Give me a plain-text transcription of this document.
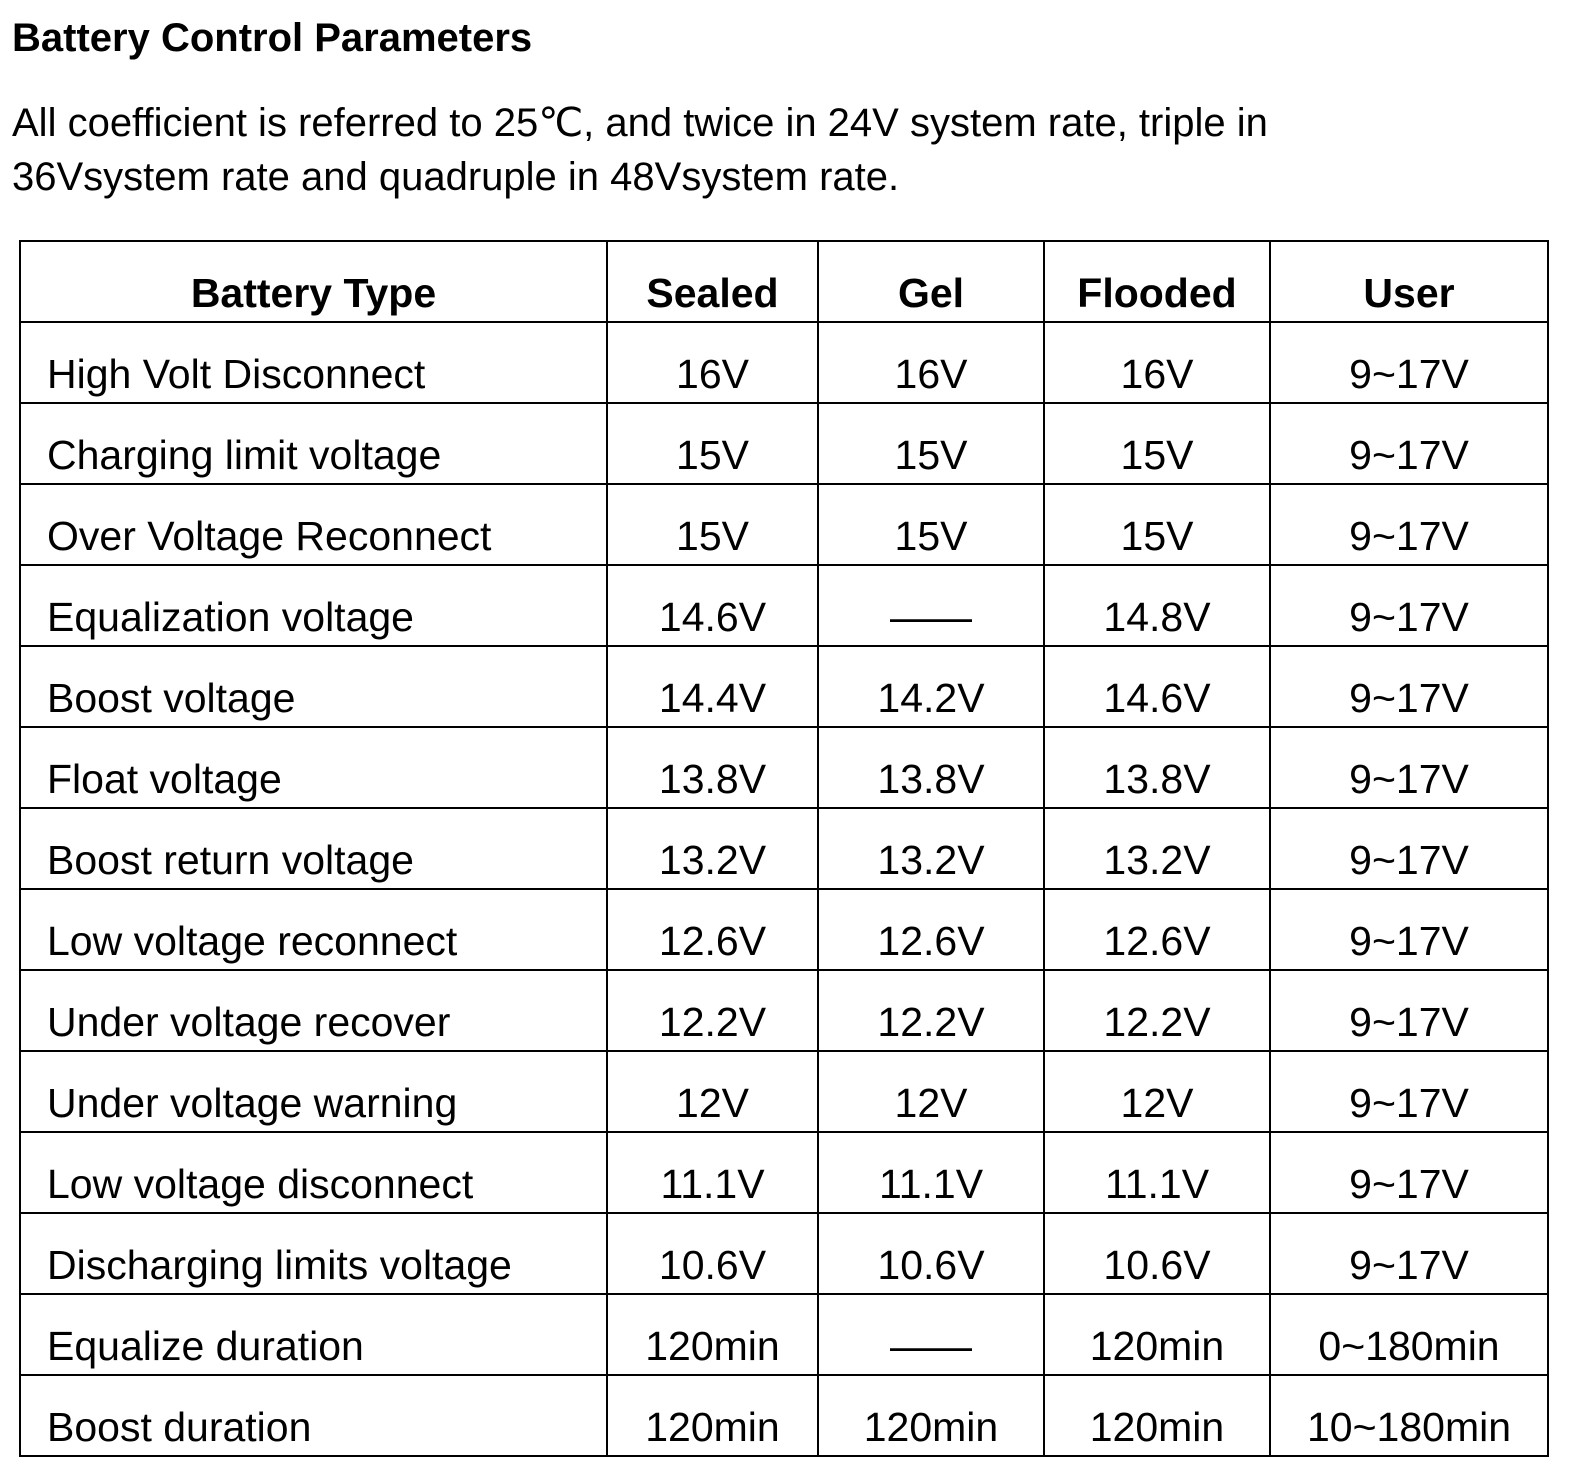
Battery Control Parameters
All coefficient is referred to 25℃, and twice in 24V system rate, triple in
36Vsystem rate and quadruple in 48Vsystem rate.
Battery Type	Sealed	Gel	Flooded	User
High Volt Disconnect	16V	16V	16V	9~17V
Charging limit voltage	15V	15V	15V	9~17V
Over Voltage Reconnect	15V	15V	15V	9~17V
Equalization voltage	14.6V	——	14.8V	9~17V
Boost voltage	14.4V	14.2V	14.6V	9~17V
Float voltage	13.8V	13.8V	13.8V	9~17V
Boost return voltage	13.2V	13.2V	13.2V	9~17V
Low voltage reconnect	12.6V	12.6V	12.6V	9~17V
Under voltage recover	12.2V	12.2V	12.2V	9~17V
Under voltage warning	12V	12V	12V	9~17V
Low voltage disconnect	11.1V	11.1V	11.1V	9~17V
Discharging limits voltage	10.6V	10.6V	10.6V	9~17V
Equalize duration	120min	——	120min	0~180min
Boost duration	120min	120min	120min	10~180min
